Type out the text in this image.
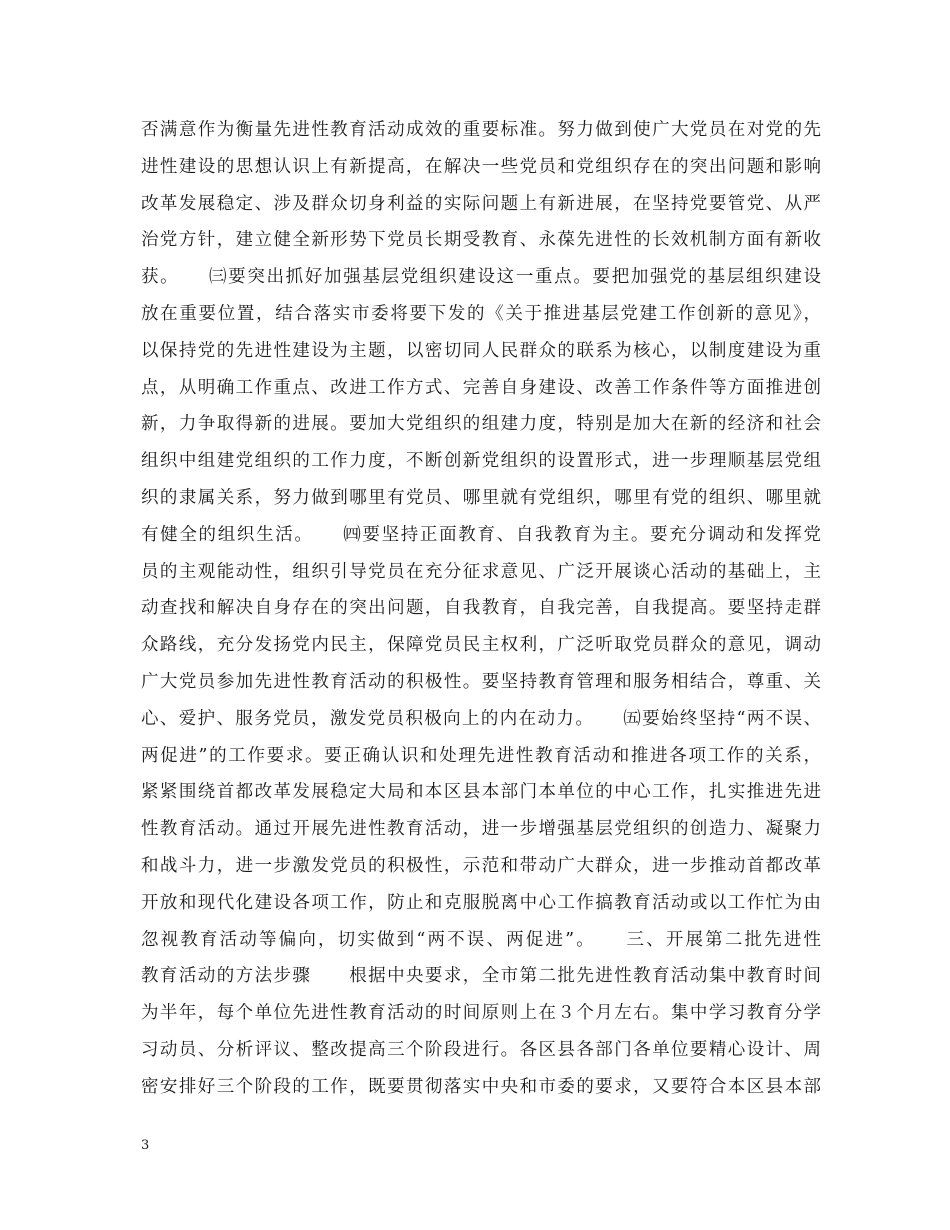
否满意作为衡量先进性教育活动成效的重要标准。努力做到使广大党员在对党的先
进性建设的思想认识上有新提高，在解决一些党员和党组织存在的突出问题和影响
改革发展稳定、涉及群众切身利益的实际问题上有新进展，在坚持党要管党、从严
治党方针，建立健全新形势下党员长期受教育、永葆先进性的长效机制方面有新收
获。　　㈢要突出抓好加强基层党组织建设这一重点。要把加强党的基层组织建设
放在重要位置，结合落实市委将要下发的《关于推进基层党建工作创新的意见》，
以保持党的先进性建设为主题，以密切同人民群众的联系为核心，以制度建设为重
点，从明确工作重点、改进工作方式、完善自身建设、改善工作条件等方面推进创
新，力争取得新的进展。要加大党组织的组建力度，特别是加大在新的经济和社会
组织中组建党组织的工作力度，不断创新党组织的设置形式，进一步理顺基层党组
织的隶属关系，努力做到哪里有党员、哪里就有党组织，哪里有党的组织、哪里就
有健全的组织生活。　　㈣要坚持正面教育、自我教育为主。要充分调动和发挥党
员的主观能动性，组织引导党员在充分征求意见、广泛开展谈心活动的基础上，主
动查找和解决自身存在的突出问题，自我教育，自我完善，自我提高。要坚持走群
众路线，充分发扬党内民主，保障党员民主权利，广泛听取党员群众的意见，调动
广大党员参加先进性教育活动的积极性。要坚持教育管理和服务相结合，尊重、关
心、爱护、服务党员，激发党员积极向上的内在动力。　　㈤要始终坚持“两不误、
两促进”的工作要求。要正确认识和处理先进性教育活动和推进各项工作的关系，
紧紧围绕首都改革发展稳定大局和本区县本部门本单位的中心工作，扎实推进先进
性教育活动。通过开展先进性教育活动，进一步增强基层党组织的创造力、凝聚力
和战斗力，进一步激发党员的积极性，示范和带动广大群众，进一步推动首都改革
开放和现代化建设各项工作，防止和克服脱离中心工作搞教育活动或以工作忙为由
忽视教育活动等偏向，切实做到“两不误、两促进”。　　三、开展第二批先进性
教育活动的方法步骤　　根据中央要求，全市第二批先进性教育活动集中教育时间
为半年，每个单位先进性教育活动的时间原则上在３个月左右。集中学习教育分学
习动员、分析评议、整改提高三个阶段进行。各区县各部门各单位要精心设计、周
密安排好三个阶段的工作，既要贯彻落实中央和市委的要求，又要符合本区县本部
3
